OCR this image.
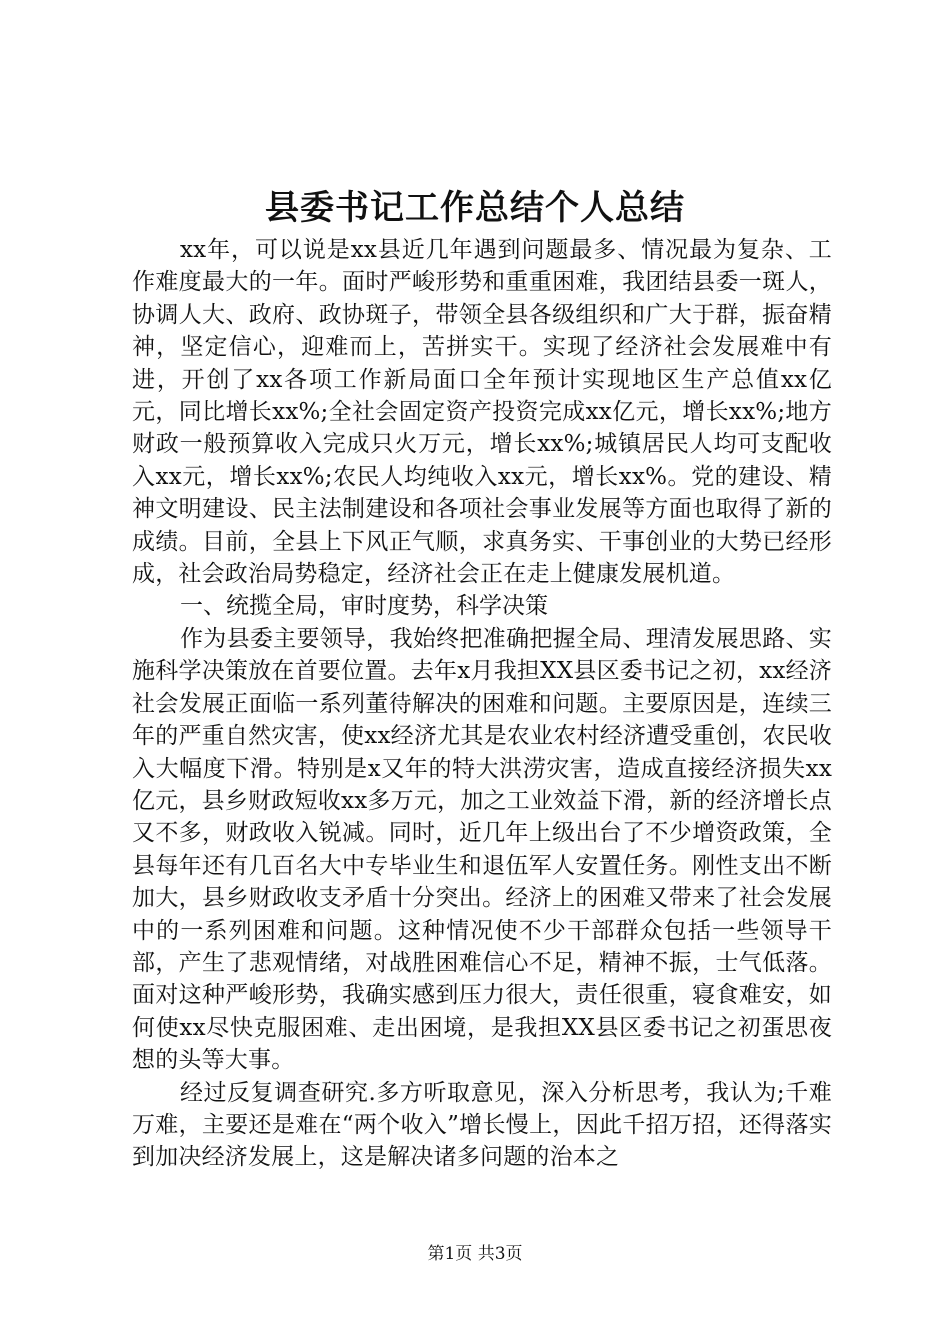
县委书记工作总结个人总结

xx年，可以说是xx县近几年遇到问题最多、情况最为复杂、工作难度最大的一年。面时严峻形势和重重困难，我团结县委一斑人，协调人大、政府、政协斑子，带领全县各级组织和广大于群，振奋精神，坚定信心，迎难而上，苦拼实干。实现了经济社会发展难中有进，开创了xx各项工作新局面口全年预计实现地区生产总值xx亿元，同比增长xx%;全社会固定资产投资完成xx亿元，增长xx%;地方财政一般预算收入完成只火万元，增长xx%;城镇居民人均可支配收入xx元，增长xx%;农民人均纯收入xx元，增长xx%。党的建设、精神文明建设、民主法制建设和各项社会事业发展等方面也取得了新的成绩。目前，全县上下风正气顺，求真务实、干事创业的大势已经形成，社会政治局势稳定，经济社会正在走上健康发展机道。

一、统揽全局，审时度势，科学决策

作为县委主要领导，我始终把准确把握全局、理清发展思路、实施科学决策放在首要位置。去年x月我担XX县区委书记之初，xx经济社会发展正面临一系列董待解决的困难和问题。主要原因是，连续三年的严重自然灾害，使xx经济尤其是农业农村经济遭受重创，农民收入大幅度下滑。特别是x又年的特大洪涝灾害，造成直接经济损失xx亿元，县乡财政短收xx多万元，加之工业效益下滑，新的经济增长点又不多，财政收入锐减。同时，近几年上级出台了不少增资政策，全县每年还有几百名大中专毕业生和退伍军人安置任务。刚性支出不断加大，县乡财政收支矛盾十分突出。经济上的困难又带来了社会发展中的一系列困难和问题。这种情况使不少干部群众包括一些领导干部，产生了悲观情绪，对战胜困难信心不足，精神不振，士气低落。面对这种严峻形势，我确实感到压力很大，责任很重，寝食难安，如何使xx尽快克服困难、走出困境，是我担XX县区委书记之初蛋思夜想的头等大事。

经过反复调查研究.多方听取意见，深入分析思考，我认为;千难万难，主要还是难在“两个收入”增长慢上，因此千招万招，还得落实到加决经济发展上，这是解决诸多问题的治本之

第1页 共3页
